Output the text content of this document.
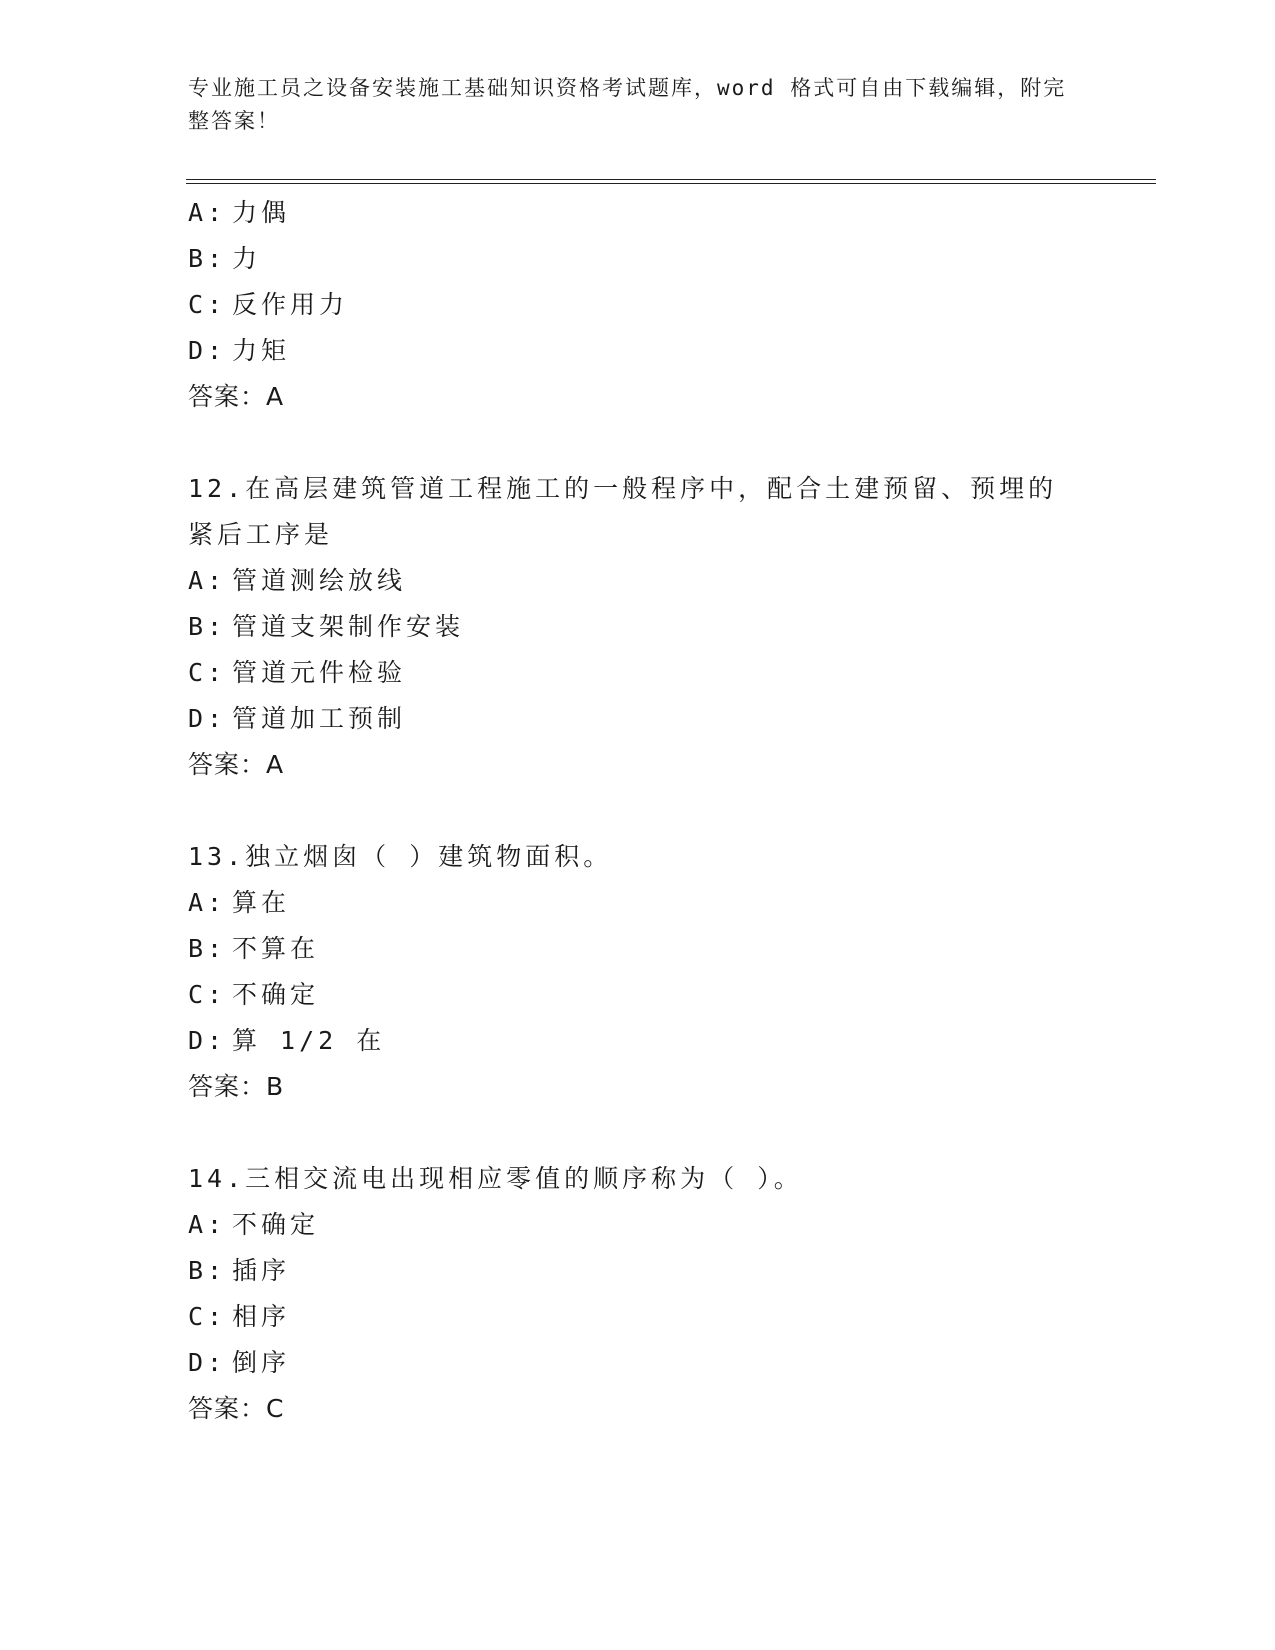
专业施工员之设备安装施工基础知识资格考试题库，word 格式可自由下载编辑，附完整答案！
A: 力偶
B: 力
C: 反作用力
D: 力矩
答案：A
12.在高层建筑管道工程施工的一般程序中，配合土建预留、预埋的紧后工序是
A: 管道测绘放线
B: 管道支架制作安装
C: 管道元件检验
D: 管道加工预制
答案：A
13.独立烟囱（ ）建筑物面积。
A: 算在
B: 不算在
C: 不确定
D: 算 1/2 在
答案：B
14.三相交流电出现相应零值的顺序称为（ ）。
A: 不确定
B: 插序
C: 相序
D: 倒序
答案：C
